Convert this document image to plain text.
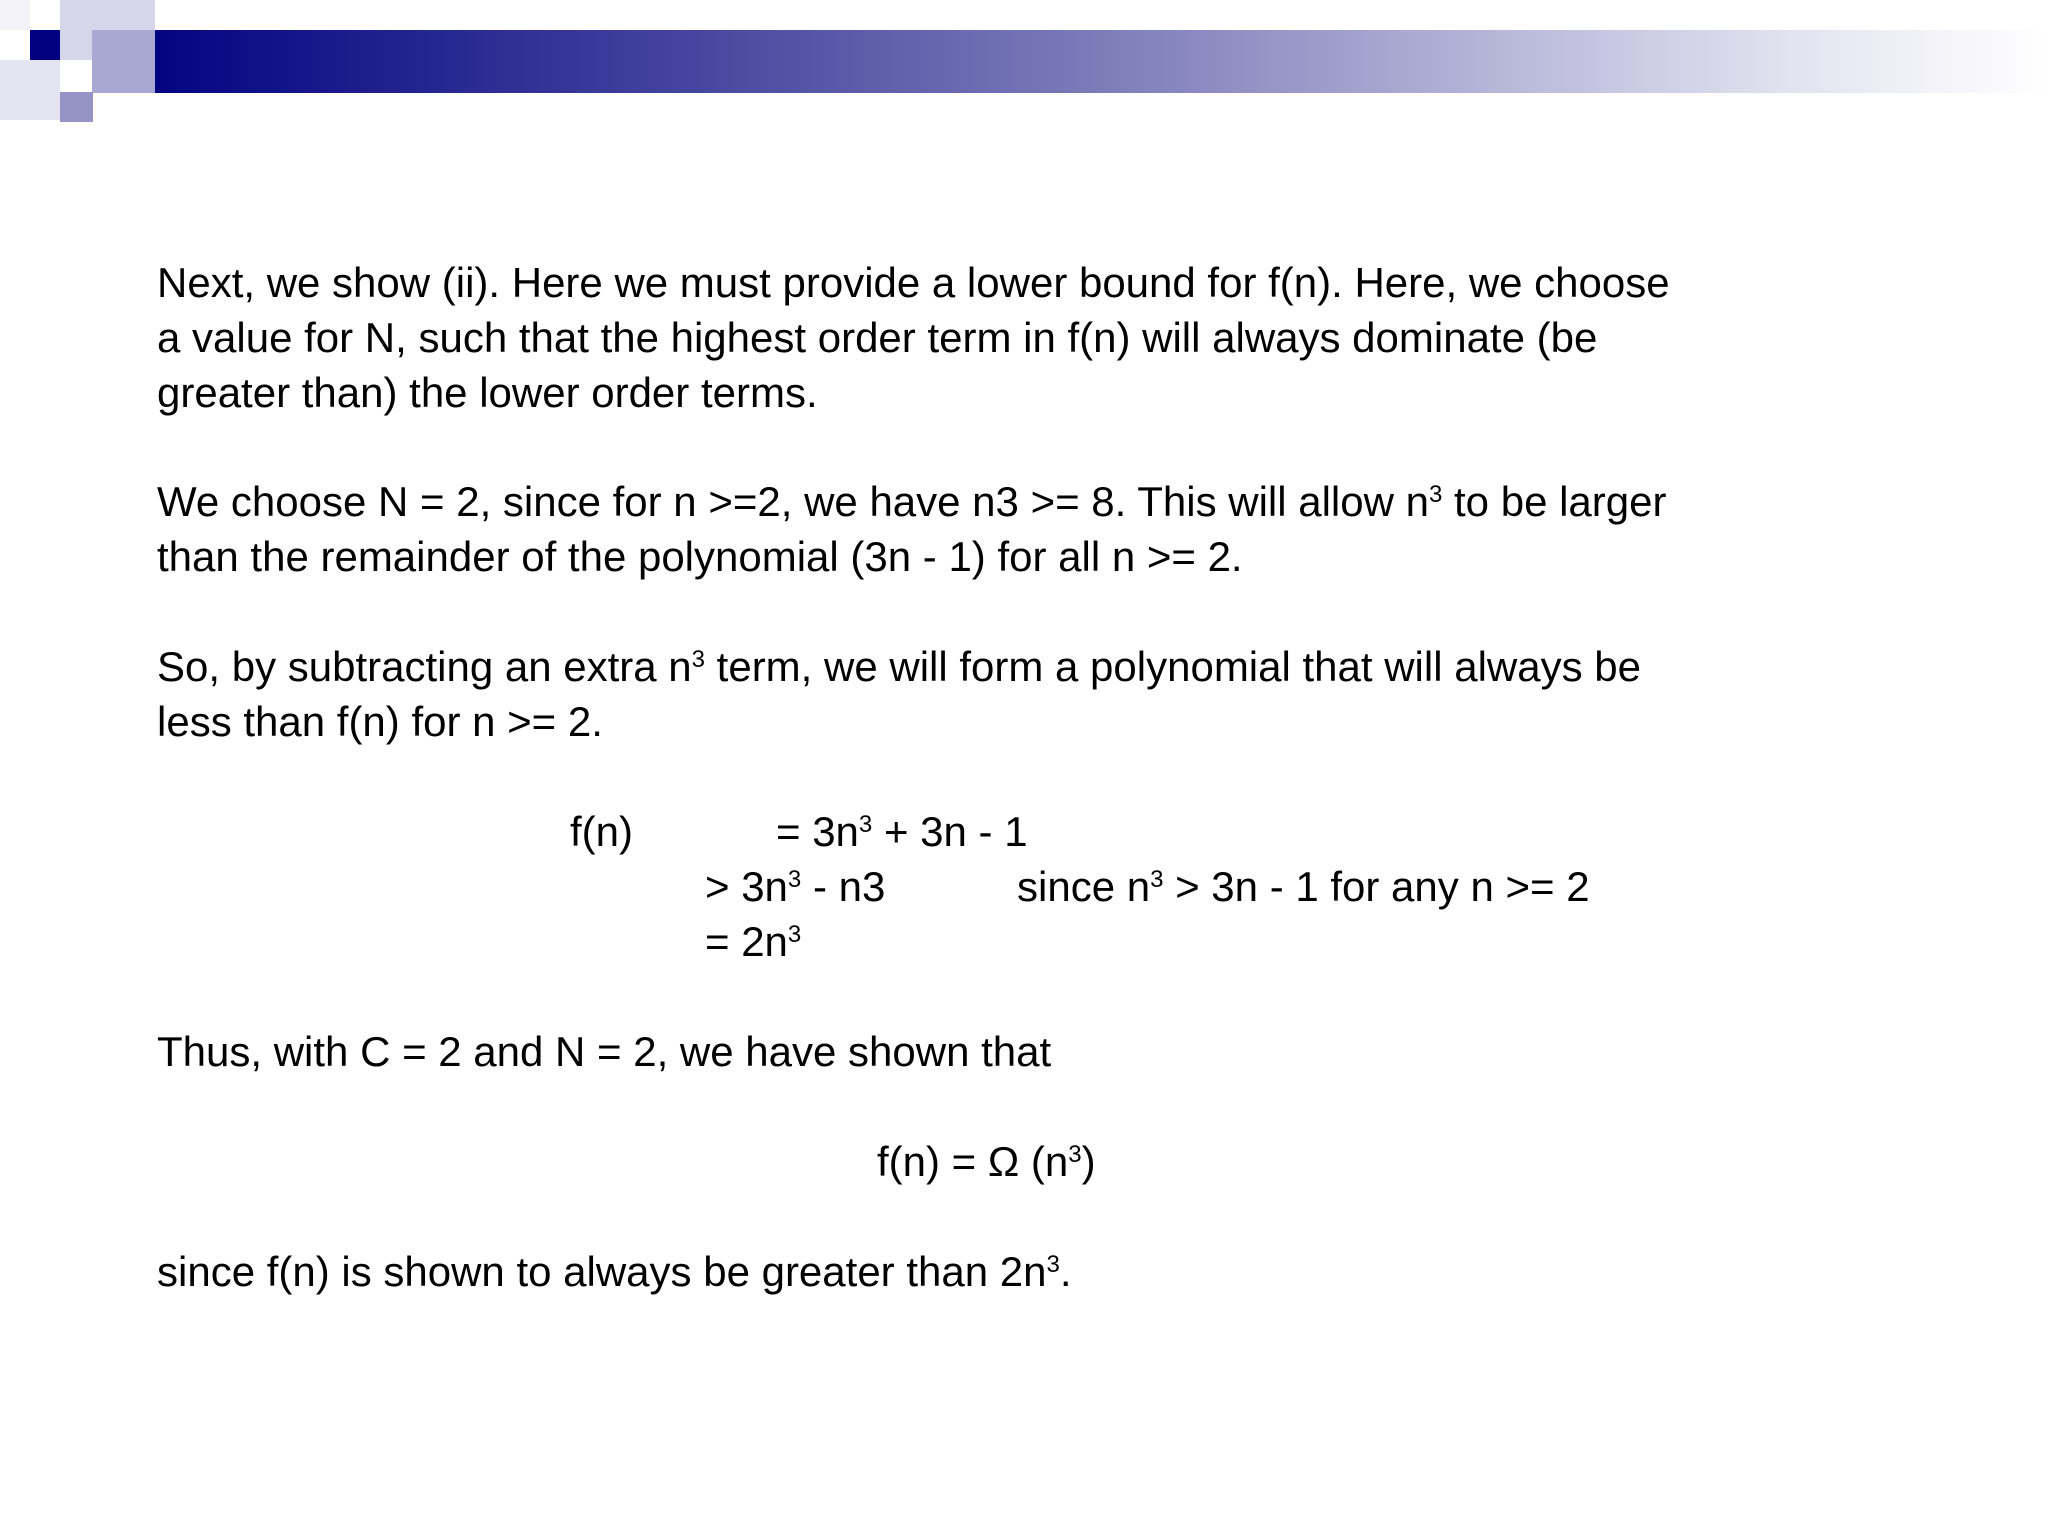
Next, we show (ii). Here we must provide a lower bound for f(n). Here, we choose
a value for N, such that the highest order term in f(n) will always dominate (be
greater than) the lower order terms.
We choose N = 2, since for n >=2, we have n3 >= 8. This will allow $n^3$ to be larger
than the remainder of the polynomial (3n - 1) for all n >= 2.
So, by subtracting an extra $n^3$ term, we will form a polynomial that will always be
less than f(n) for n >= 2.
f(n)	= $3n^3 + 3n - 1$
> $3n^3 - n3$	since $n^3 > 3n - 1$ for any n >= 2
= $2n^3$
Thus, with C = 2 and N = 2, we have shown that
f(n) = Ω $(n^3)$
since f(n) is shown to always be greater than $2n^3$.
